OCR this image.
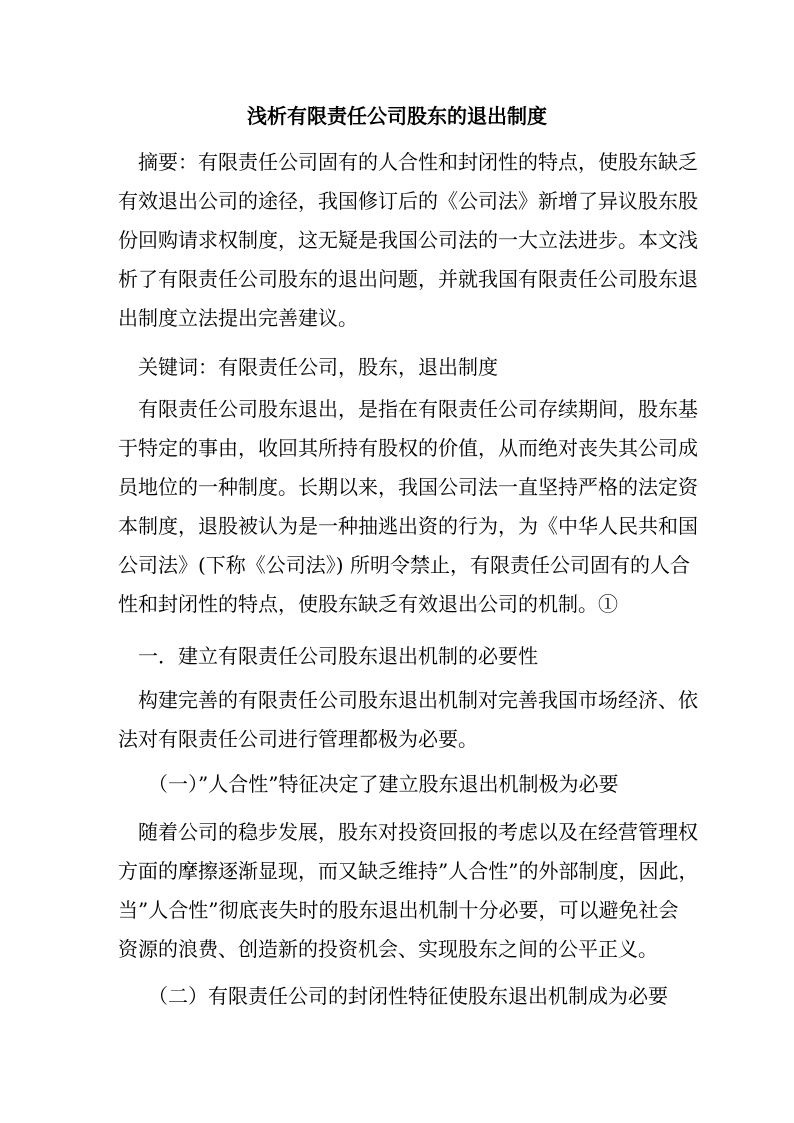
浅析有限责任公司股东的退出制度
摘要：有限责任公司固有的人合性和封闭性的特点，使股东缺乏
有效退出公司的途径，我国修订后的《公司法》新增了异议股东股
份回购请求权制度，这无疑是我国公司法的一大立法进步。本文浅
析了有限责任公司股东的退出问题，并就我国有限责任公司股东退
出制度立法提出完善建议。
关键词：有限责任公司，股东，退出制度
有限责任公司股东退出，是指在有限责任公司存续期间，股东基
于特定的事由，收回其所持有股权的价值，从而绝对丧失其公司成
员地位的一种制度。长期以来，我国公司法一直坚持严格的法定资
本制度，退股被认为是一种抽逃出资的行为，为《中华人民共和国
公司法》(下称《公司法》) 所明令禁止，有限责任公司固有的人合
性和封闭性的特点，使股东缺乏有效退出公司的机制。①
一．建立有限责任公司股东退出机制的必要性
构建完善的有限责任公司股东退出机制对完善我国市场经济、依
法对有限责任公司进行管理都极为必要。
（一）”人合性”特征决定了建立股东退出机制极为必要
随着公司的稳步发展，股东对投资回报的考虑以及在经营管理权
方面的摩擦逐渐显现，而又缺乏维持”人合性”的外部制度，因此，
当”人合性”彻底丧失时的股东退出机制十分必要，可以避免社会
资源的浪费、创造新的投资机会、实现股东之间的公平正义。
（二）有限责任公司的封闭性特征使股东退出机制成为必要
